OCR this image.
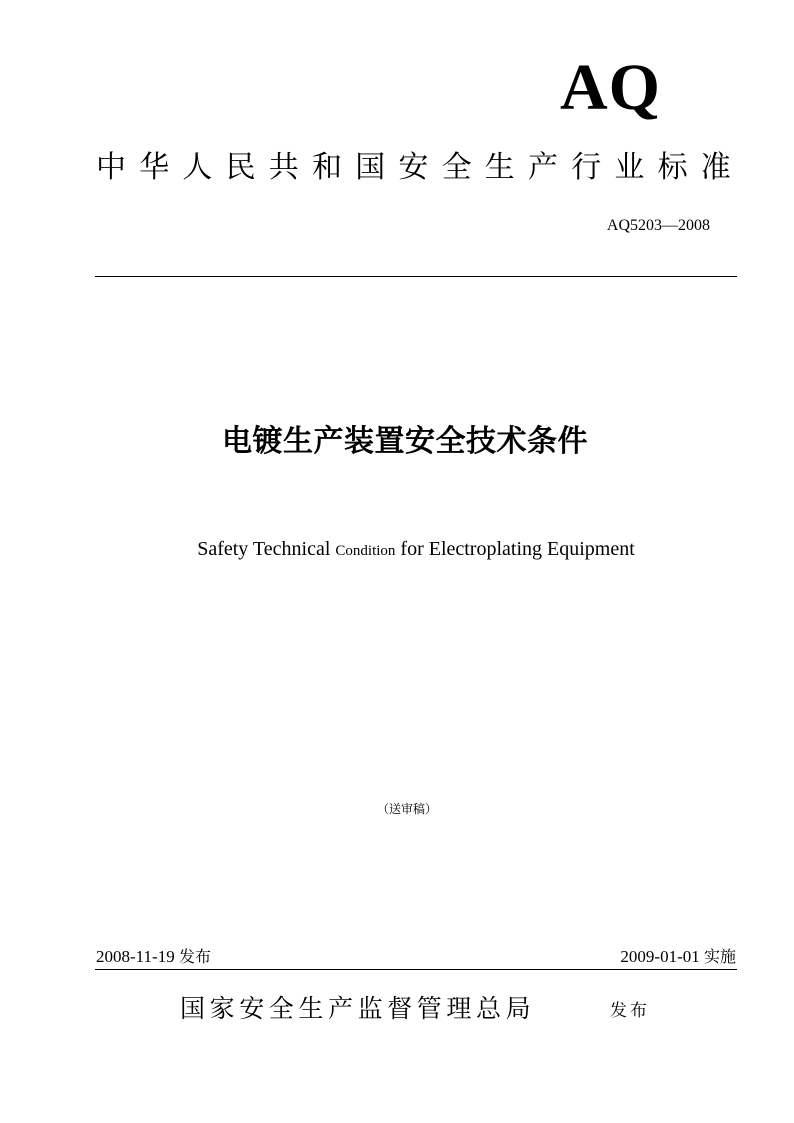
AQ
中华人民共和国安全生产行业标准
AQ5203—2008
电镀生产装置安全技术条件
Safety Technical Condition for Electroplating Equipment
（送审稿）
2008-11-19 发布	2009-01-01 实施
国家安全生产监督管理总局	发布
